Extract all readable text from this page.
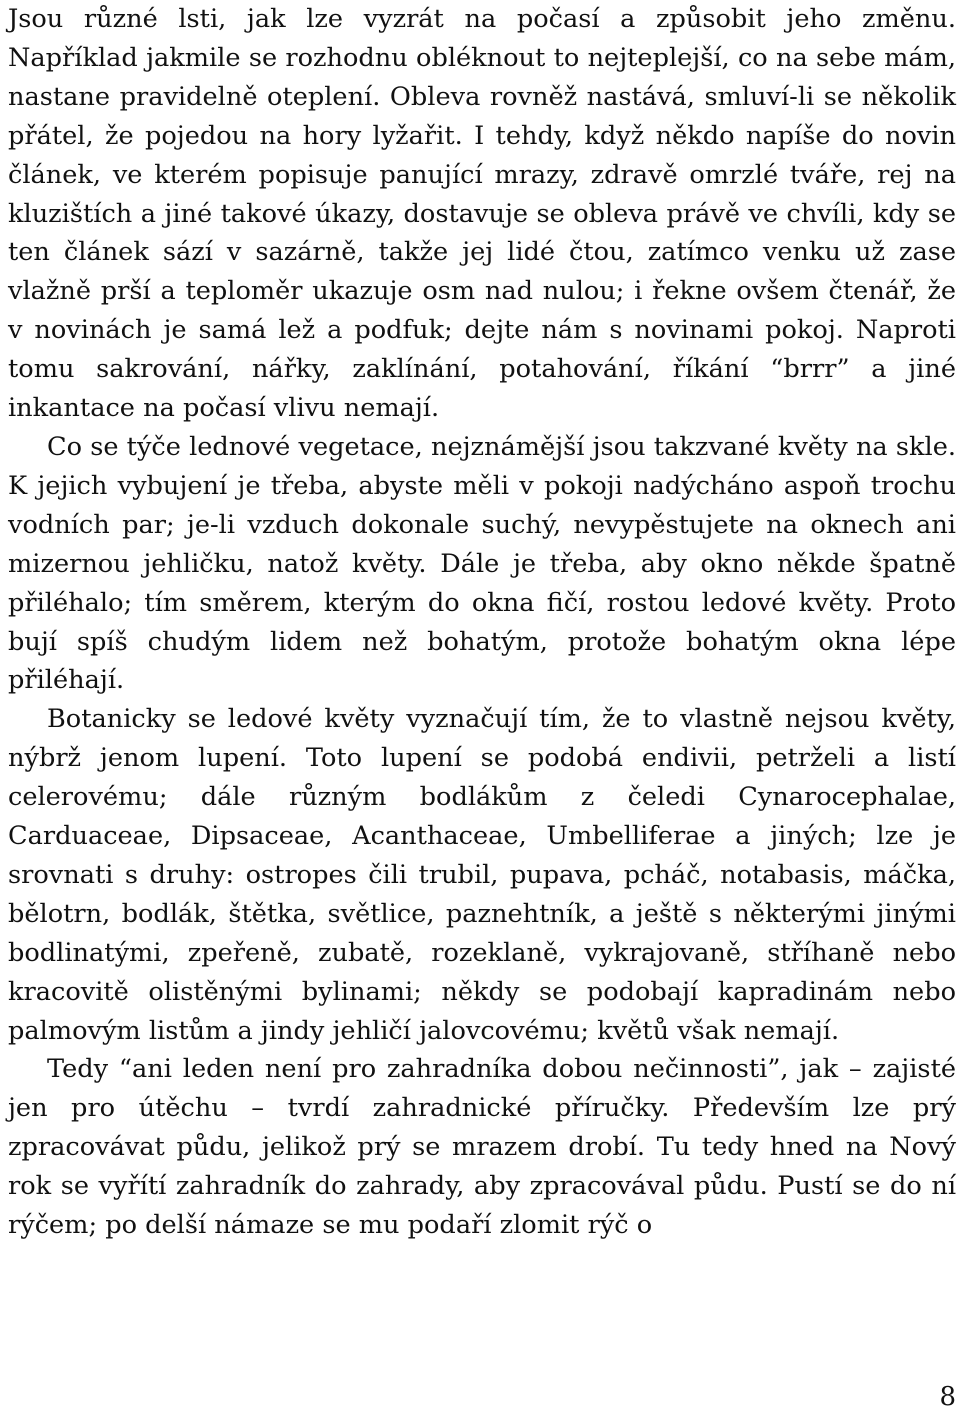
Jsou různé lsti, jak lze vyzrát na počasí a způsobit jeho změnu. Například jakmile se rozhodnu obléknout to nejteplejší, co na sebe mám, nastane pravidelně oteplení. Obleva rovněž nastává, smluví-li se několik přátel, že pojedou na hory lyžařit. I tehdy, když někdo napíše do novin článek, ve kterém popisuje panující mrazy, zdravě omrzlé tváře, rej na kluzištích a jiné takové úkazy, dostavuje se obleva právě ve chvíli, kdy se ten článek sází v sazárně, takže jej lidé čtou, zatímco venku už zase vlažně prší a teploměr ukazuje osm nad nulou; i řekne ovšem čtenář, že v novinách je samá lež a podfuk; dejte nám s novinami pokoj. Naproti tomu sakrování, nářky, zaklínání, potahování, říkání “brrr” a jiné inkantace na počasí vlivu nemají.

Co se týče lednové vegetace, nejznámější jsou takzvané květy na skle. K jejich vybujení je třeba, abyste měli v pokoji nadýcháno aspoň trochu vodních par; je-li vzduch dokonale suchý, nevypěstujete na oknech ani mizernou jehličku, natož květy. Dále je třeba, aby okno někde špatně přiléhalo; tím směrem, kterým do okna fičí, rostou ledové květy. Proto bují spíš chudým lidem než bohatým, protože bohatým okna lépe přiléhají.

Botanicky se ledové květy vyznačují tím, že to vlastně nejsou květy, nýbrž jenom lupení. Toto lupení se podobá endivii, petrželi a listí celerovému; dále různým bodlákům z čeledi Cynarocephalae, Carduaceae, Dipsaceae, Acanthaceae, Umbelliferae a jiných; lze je srovnati s druhy: ostropes čili trubil, pupava, pcháč, notabasis, máčka, bělotrn, bodlák, štětka, světlice, paznehtník, a ještě s některými jinými bodlinatými, zpeřeně, zubatě, rozeklaně, vykrajovaně, stříhaně nebo kracovitě olistěnými bylinami; někdy se podobají kapradinám nebo palmovým listům a jindy jehličí jalovcovému; květů však nemají.

Tedy “ani leden není pro zahradníka dobou nečinnosti”, jak – zajisté jen pro útěchu – tvrdí zahradnické příručky. Především lze prý zpracovávat půdu, jelikož prý se mrazem drobí. Tu tedy hned na Nový rok se vyřítí zahradník do zahrady, aby zpracovával půdu. Pustí se do ní rýčem; po delší námaze se mu podaří zlomit rýč o

8
